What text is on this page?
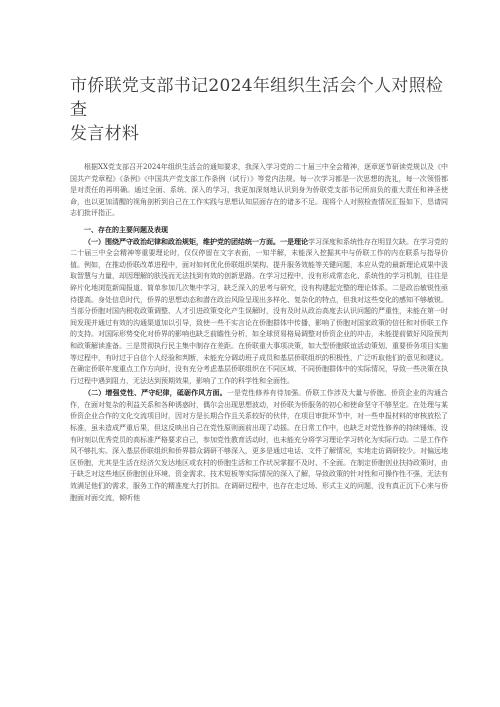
市侨联党支部书记2024年组织生活会个人对照检查
发言材料

根据XX党支部召开2024年组织生活会的通知要求，我深入学习党的二十届三中全会精神，逐章逐节研读党规以及《中国共产党章程》《条例》《中国共产党支部工作条例（试行）》等党内法规。每一次学习都是一次思想的洗礼，每一次领悟都是对责任的再明确。通过全面、系统、深入的学习，我更加深刻地认识到身为侨联党支部书记所肩负的重大责任和神圣使命，也以更加清醒的视角剖析到自己在工作实践与思想认知层面存在的诸多不足。现将个人对照检查情况汇报如下，恳请同志们批评指正。

一、存在的主要问题及表现

（一）围绕严守政治纪律和政治规矩，维护党的团结统一方面。一是理论学习深度和系统性存在明显欠缺。在学习党的二十届三中全会精神等重要理论时，仅仅停留在文字表面，一知半解，未能深入挖掘其中与侨联工作的内在联系与指导价值。例如，在推动侨联改革进程中，面对如何优化侨联组织架构、提升服务效能等关键问题，本应从党的最新理论成果中汲取智慧与力量，却因理解的肤浅而无法找到有效的创新思路。在学习过程中，没有形成常态化、系统性的学习机制，往往是碎片化地浏览新闻报道、简单参加几次集中学习，缺乏深入的思考与研究，没有构建起完整的理论体系。二是政治敏锐性亟待提高。身处信息时代，侨界的思想动态和潜在政治风险呈现出多样化、复杂化的特点，但我对这些变化的感知不够敏锐。当部分侨胞对国内税收政策调整、人才引进政策变化产生误解时，没有及时从政治高度去认识问题的严重性，未能在第一时间发现并通过有效的沟通渠道加以引导，致使一些不实言论在侨胞群体中传播，影响了侨胞对国家政策的信任和对侨联工作的支持。对国际形势变化对侨界的影响也缺乏前瞻性分析，如全球贸易格局调整对侨资企业的冲击，未能提前做好风险预判和政策解读准备。三是贯彻执行民主集中制存在差距。在侨联重大事项决策，如大型侨胞联谊活动策划、重要侨务项目实施等过程中，有时过于自信个人经验和判断，未能充分调动班子成员和基层侨联组织的积极性，广泛听取他们的意见和建议。在确定侨联年度重点工作方向时，没有充分考虑基层侨联组织在不同区域、不同侨胞群体中的实际情况，导致一些决策在执行过程中遇到阻力，无法达到预期效果，影响了工作的科学性和全面性。

（二）增强党性、严守纪律，砥砺作风方面。一是党性修养有待加强。侨联工作涉及大量与侨胞、侨资企业的沟通合作，在面对复杂的利益关系和各种诱惑时，偶尔会出现思想波动，对侨联为侨服务的初心和使命坚守不够坚定。在处理与某侨资企业合作的文化交流项目时，因对方是长期合作且关系较好的伙伴，在项目审批环节中，对一些申报材料的审核放松了标准，虽未造成严重后果，但这反映出自己在党性原则面前出现了动摇。在日常工作中，也缺乏对党性修养的持续锤炼，没有时刻以优秀党员的高标准严格要求自己，参加党性教育活动时，也未能充分将学习理论学习转化为实际行动。二是工作作风不够扎实。深入基层侨联组织和侨界群众调研不够深入，更多是通过电话、文件了解情况，实地走访调研较少。对偏远地区侨胞，尤其是生活在经济欠发达地区或农村的侨胞生活和工作状况掌握不及时、不全面。在制定侨胞创业扶持政策时，由于缺乏对这些地区侨胞创业环境、资金需求、技术短板等实际情况的深入了解，导致政策的针对性和可操作性不强，无法有效满足他们的需求，服务工作的精准度大打折扣。在调研过程中，也存在走过场、形式主义的问题，没有真正沉下心来与侨胞面对面交流，倾听他
